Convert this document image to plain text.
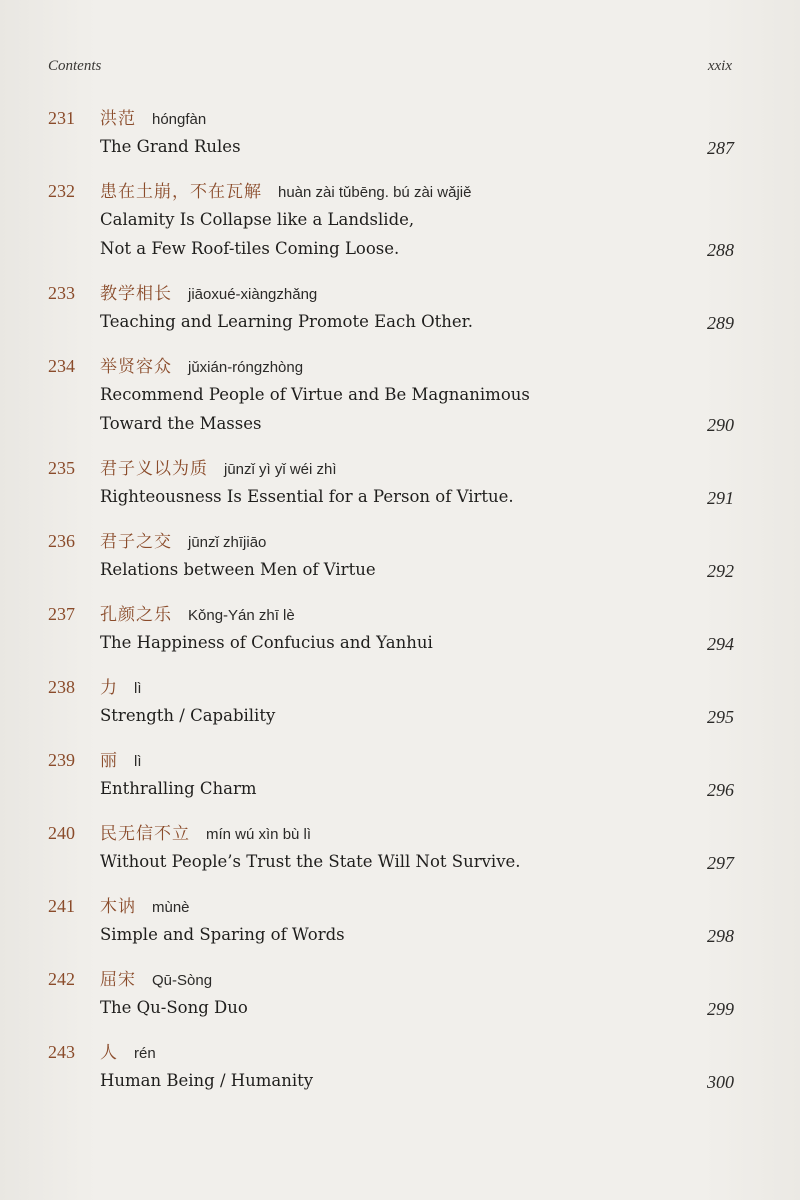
Contents	xxix
231	洪范 hóngfàn
The Grand Rules	287
232	患在土崩，不在瓦解 huàn zài tǔbēng. bú zài wǎjiě
Calamity Is Collapse like a Landslide,
Not a Few Roof-tiles Coming Loose.	288
233	教学相长 jiāoxué-xiàngzhǎng
Teaching and Learning Promote Each Other.	289
234	举贤容众 jǔxián-róngzhòng
Recommend People of Virtue and Be Magnanimous
Toward the Masses	290
235	君子义以为质 jūnzǐ yì yǐ wéi zhì
Righteousness Is Essential for a Person of Virtue.	291
236	君子之交 jūnzǐ zhījiāo
Relations between Men of Virtue	292
237	孔颜之乐 Kǒng-Yán zhī lè
The Happiness of Confucius and Yanhui	294
238	力 lì
Strength / Capability	295
239	丽 lì
Enthralling Charm	296
240	民无信不立 mín wú xìn bù lì
Without People’s Trust the State Will Not Survive.	297
241	木讷 mùnè
Simple and Sparing of Words	298
242	屈宋 Qū-Sòng
The Qu-Song Duo	299
243	人 rén
Human Being / Humanity	300
